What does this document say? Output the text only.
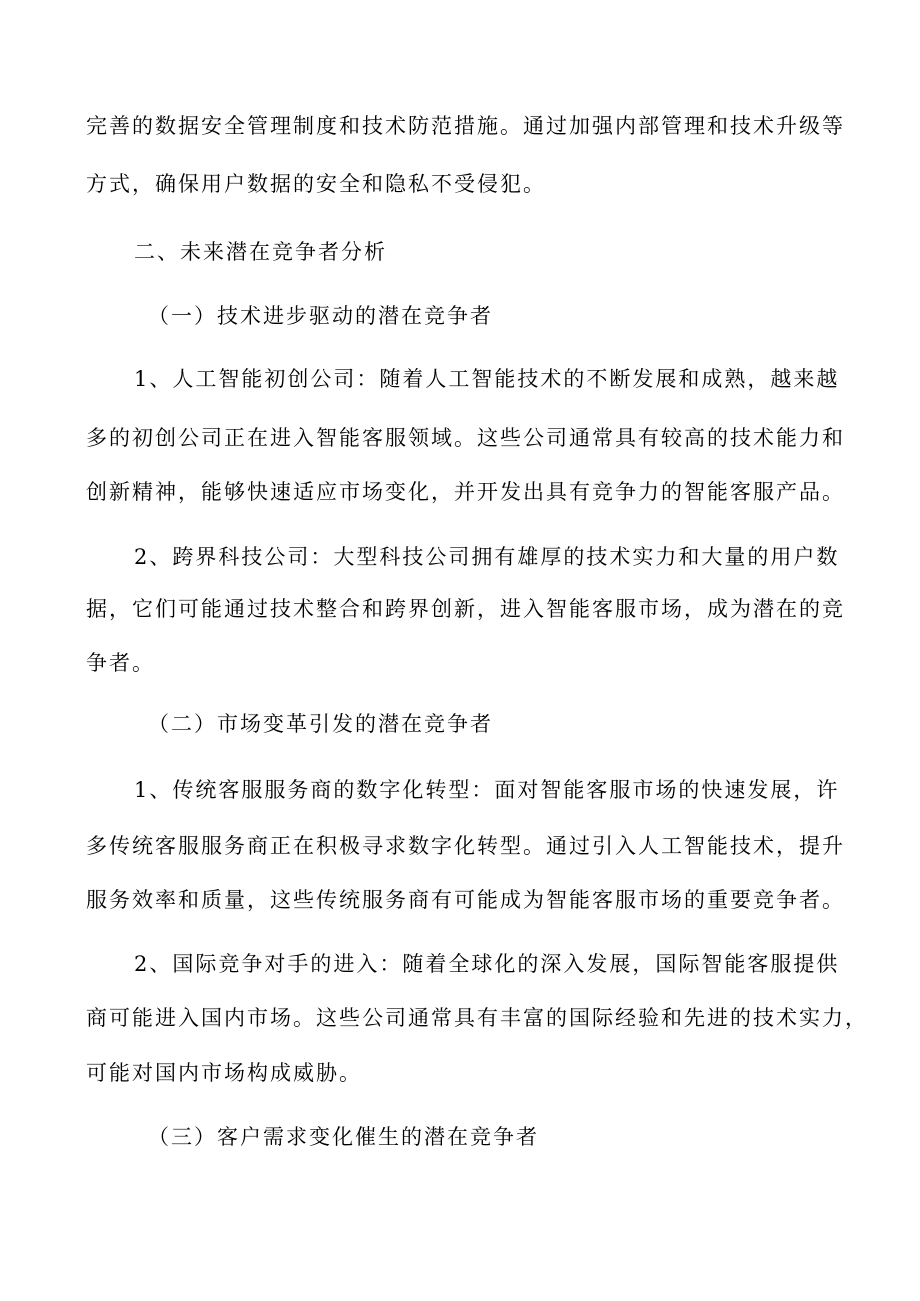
完善的数据安全管理制度和技术防范措施。通过加强内部管理和技术升级等
方式，确保用户数据的安全和隐私不受侵犯。
二、未来潜在竞争者分析
（一）技术进步驱动的潜在竞争者
1、人工智能初创公司：随着人工智能技术的不断发展和成熟，越来越
多的初创公司正在进入智能客服领域。这些公司通常具有较高的技术能力和
创新精神，能够快速适应市场变化，并开发出具有竞争力的智能客服产品。
2、跨界科技公司：大型科技公司拥有雄厚的技术实力和大量的用户数
据，它们可能通过技术整合和跨界创新，进入智能客服市场，成为潜在的竞
争者。
（二）市场变革引发的潜在竞争者
1、传统客服服务商的数字化转型：面对智能客服市场的快速发展，许
多传统客服服务商正在积极寻求数字化转型。通过引入人工智能技术，提升
服务效率和质量，这些传统服务商有可能成为智能客服市场的重要竞争者。
2、国际竞争对手的进入：随着全球化的深入发展，国际智能客服提供
商可能进入国内市场。这些公司通常具有丰富的国际经验和先进的技术实力，
可能对国内市场构成威胁。
（三）客户需求变化催生的潜在竞争者
